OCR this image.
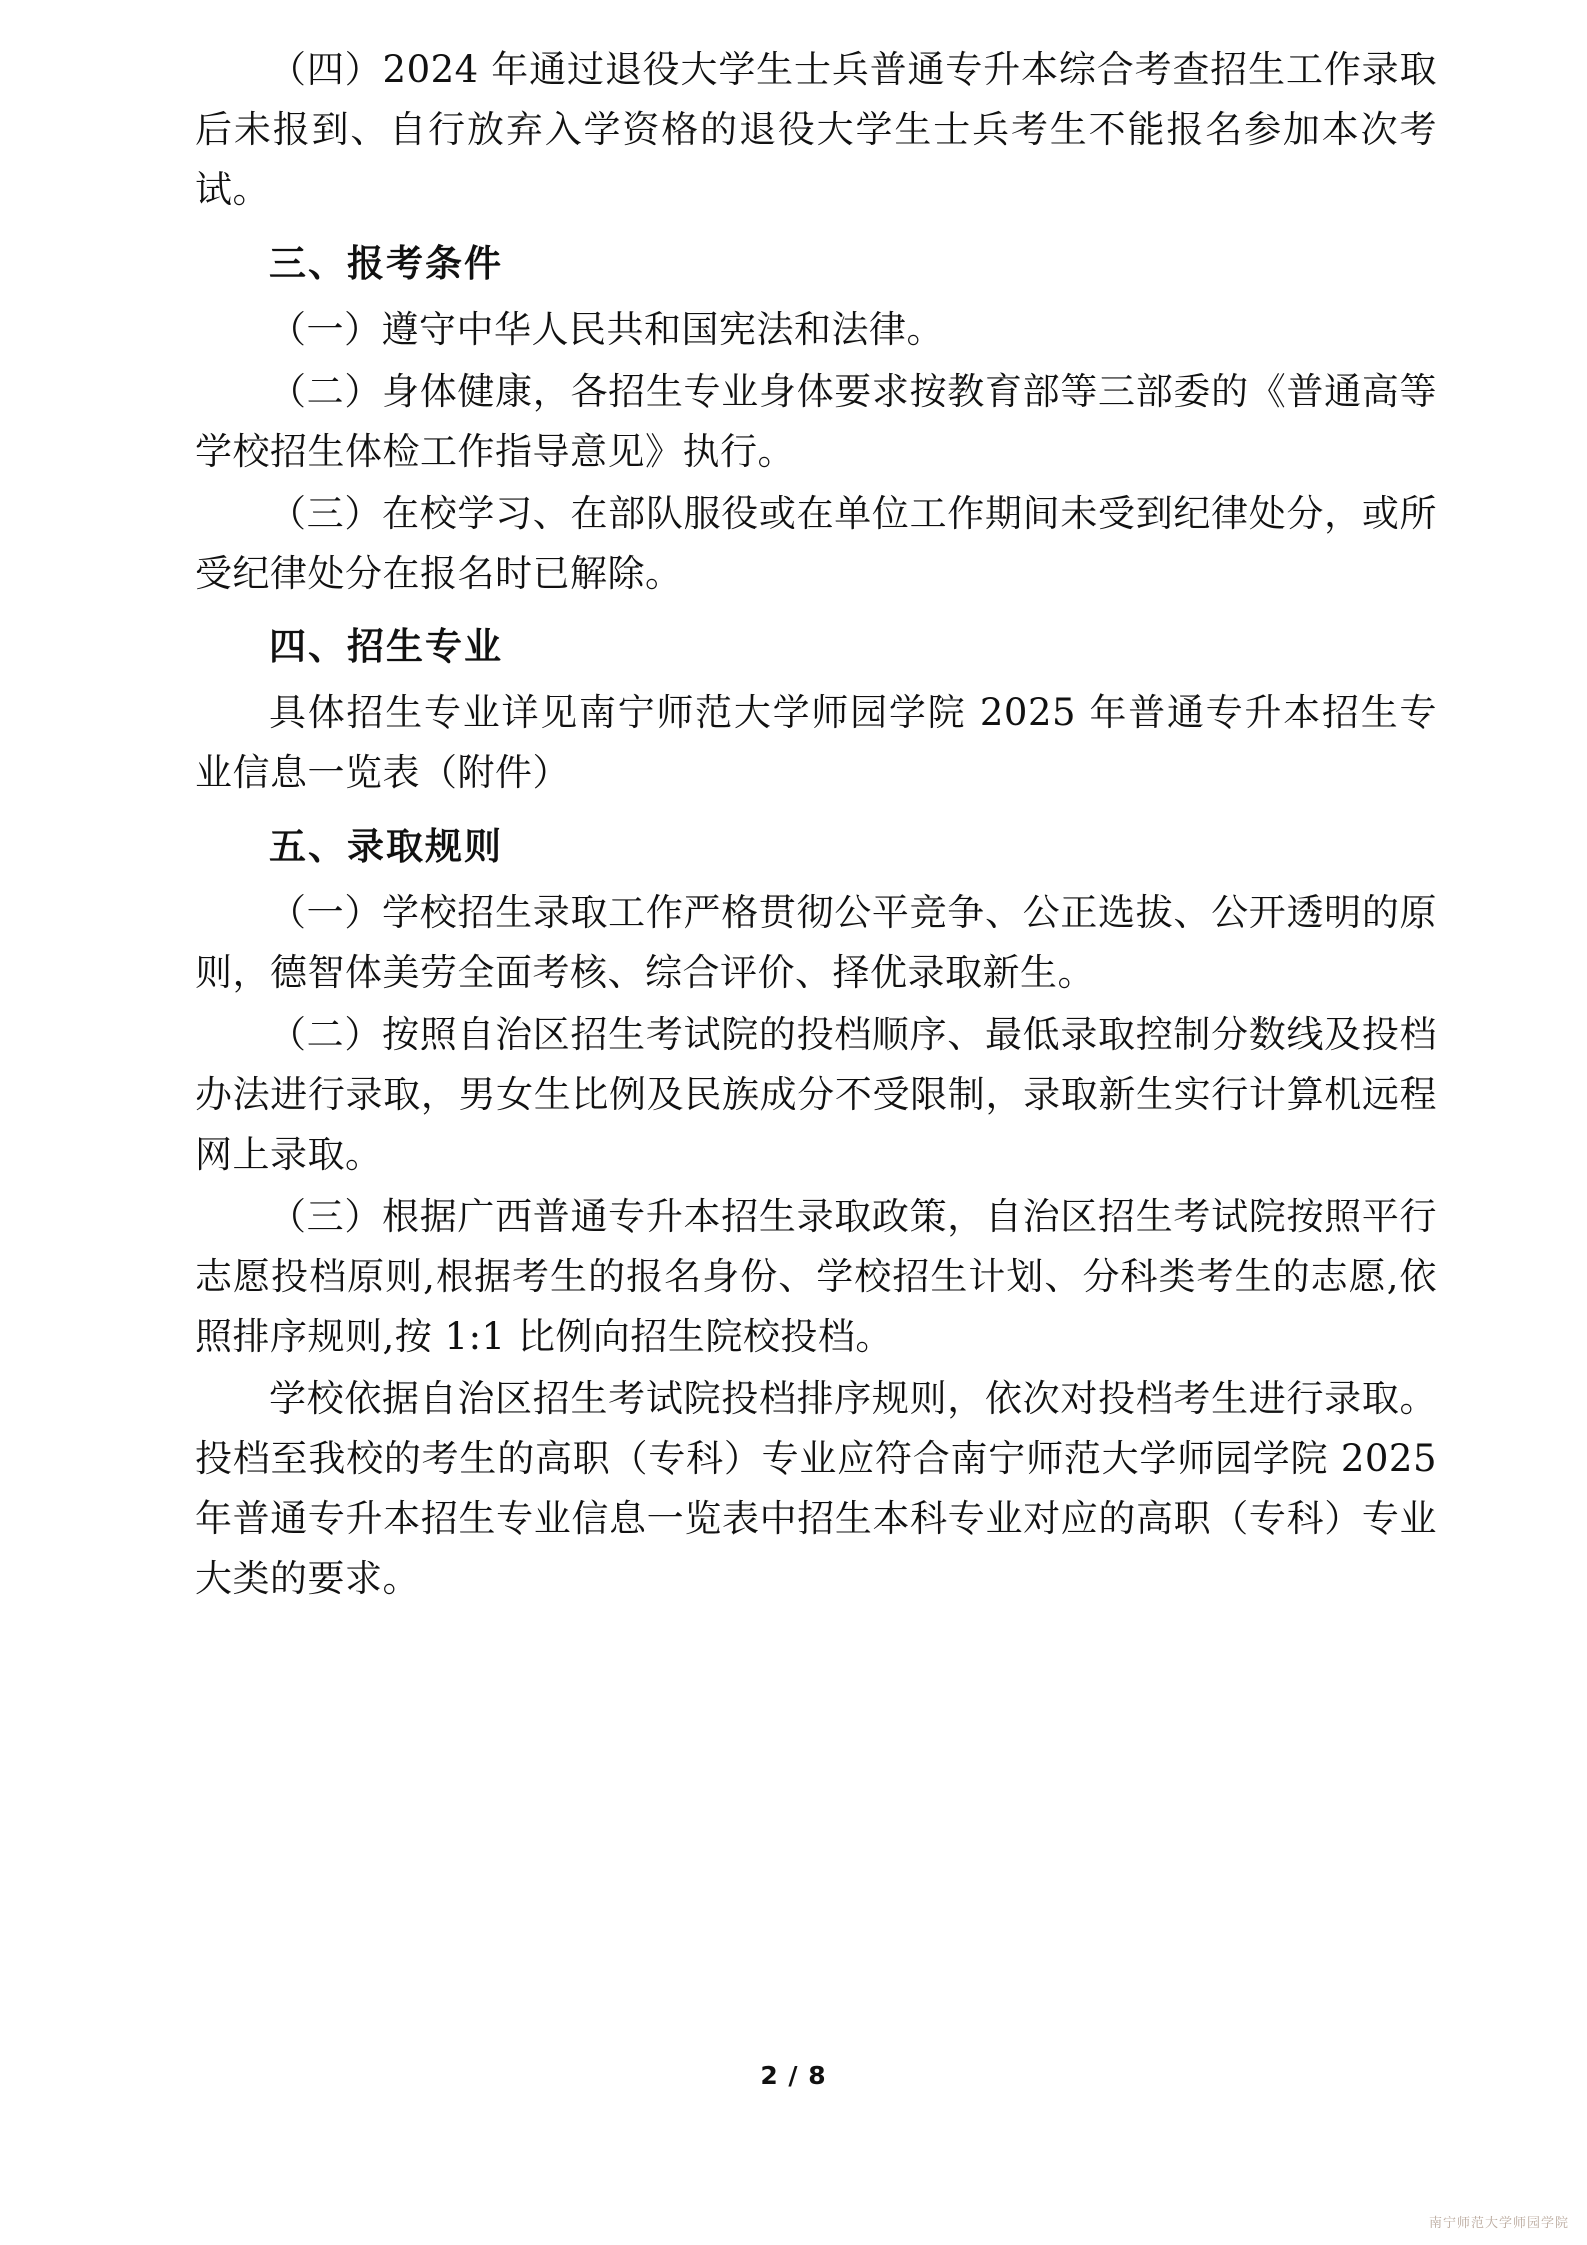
（四）2024 年通过退役大学生士兵普通专升本综合考查招生工作录取后未报到、自行放弃入学资格的退役大学生士兵考生不能报名参加本次考试。

三、报考条件

（一）遵守中华人民共和国宪法和法律。

（二）身体健康，各招生专业身体要求按教育部等三部委的《普通高等学校招生体检工作指导意见》执行。

（三）在校学习、在部队服役或在单位工作期间未受到纪律处分，或所受纪律处分在报名时已解除。

四、招生专业

具体招生专业详见南宁师范大学师园学院 2025 年普通专升本招生专业信息一览表（附件）

五、录取规则

（一）学校招生录取工作严格贯彻公平竞争、公正选拔、公开透明的原则，德智体美劳全面考核、综合评价、择优录取新生。

（二）按照自治区招生考试院的投档顺序、最低录取控制分数线及投档办法进行录取，男女生比例及民族成分不受限制，录取新生实行计算机远程网上录取。

（三）根据广西普通专升本招生录取政策，自治区招生考试院按照平行志愿投档原则,根据考生的报名身份、学校招生计划、分科类考生的志愿,依照排序规则,按 1:1 比例向招生院校投档。

学校依据自治区招生考试院投档排序规则，依次对投档考生进行录取。投档至我校的考生的高职（专科）专业应符合南宁师范大学师园学院 2025 年普通专升本招生专业信息一览表中招生本科专业对应的高职（专科）专业大类的要求。

2 / 8
南宁师范大学师园学院
